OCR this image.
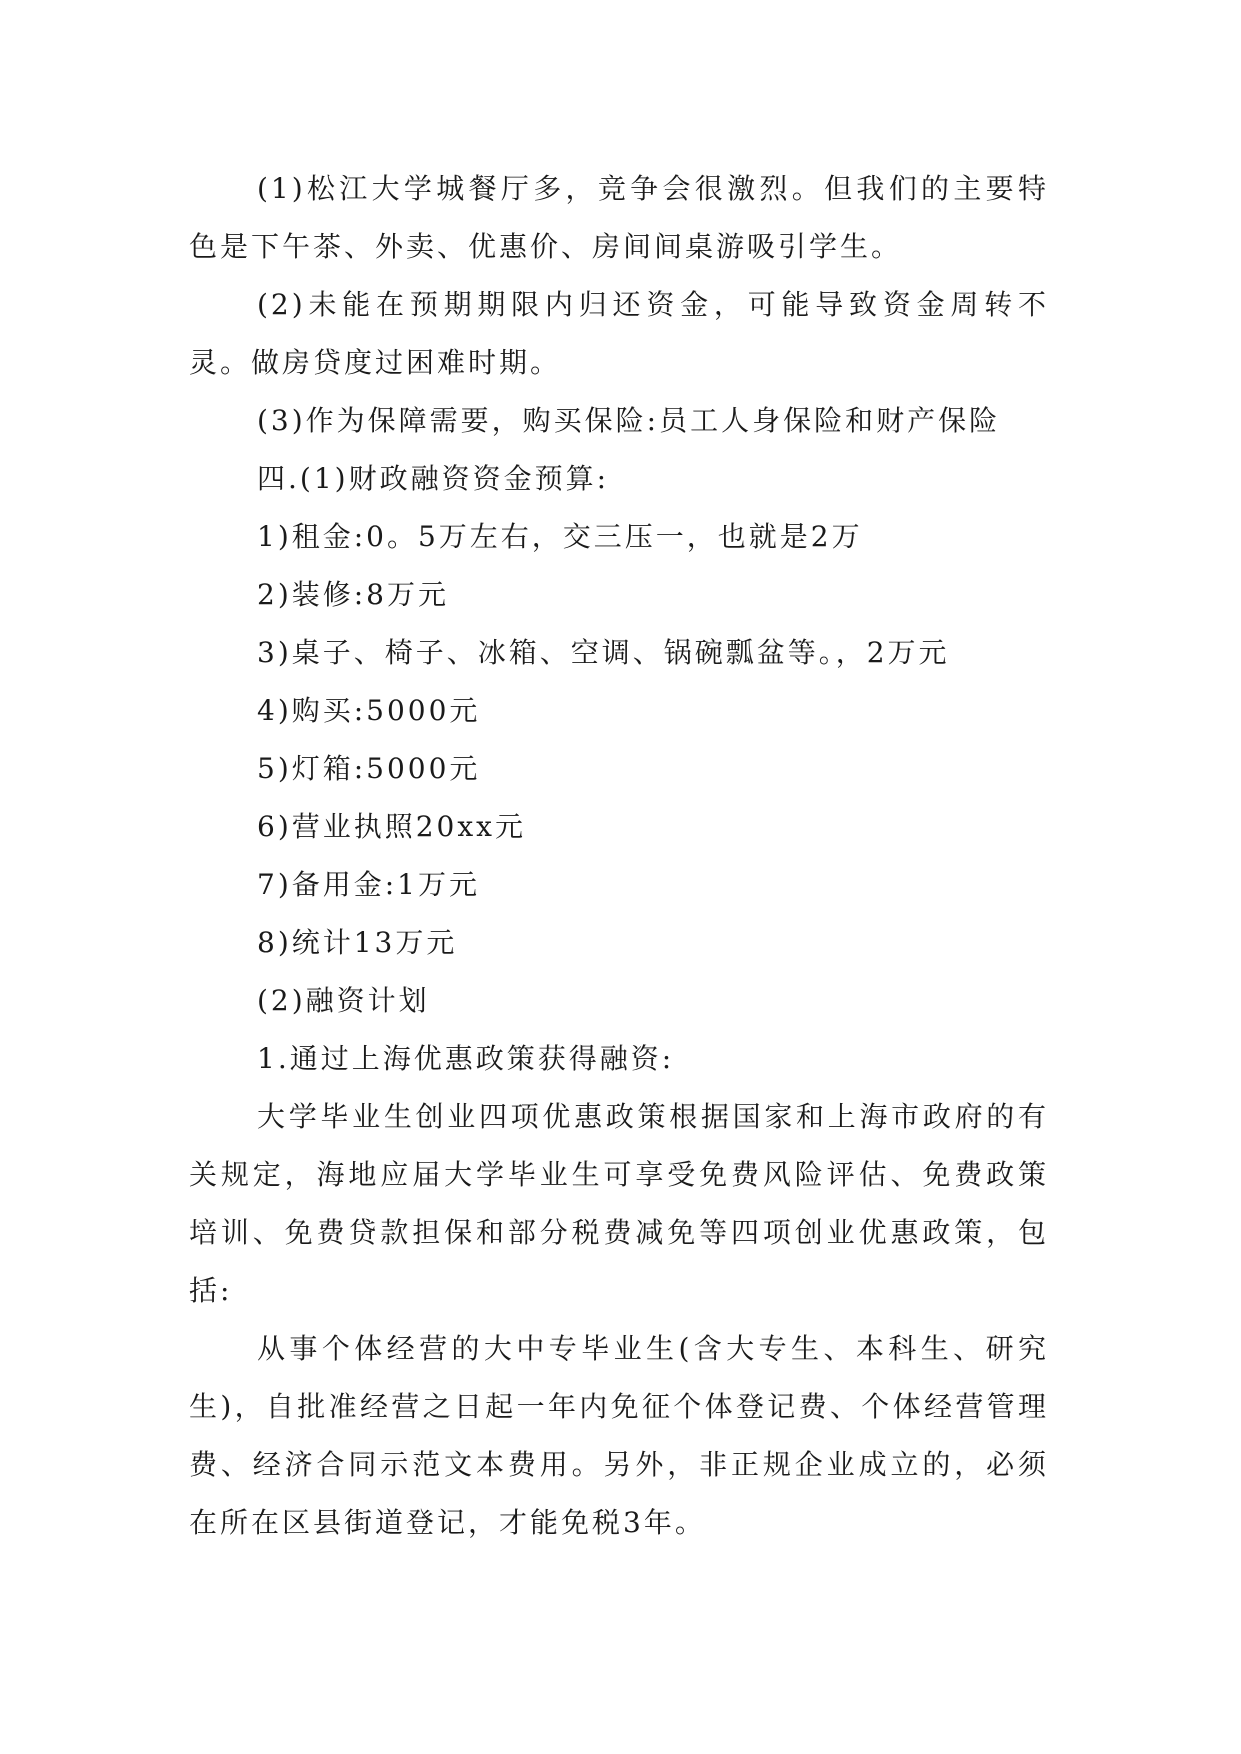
(1)松江大学城餐厅多，竞争会很激烈。但我们的主要特色是下午茶、外卖、优惠价、房间间桌游吸引学生。

(2)未能在预期期限内归还资金，可能导致资金周转不灵。做房贷度过困难时期。

(3)作为保障需要，购买保险:员工人身保险和财产保险

四.(1)财政融资资金预算:

1)租金:0。5万左右，交三压一，也就是2万

2)装修:8万元

3)桌子、椅子、冰箱、空调、锅碗瓢盆等。，2万元

4)购买:5000元

5)灯箱:5000元

6)营业执照20xx元

7)备用金:1万元

8)统计13万元

(2)融资计划

1.通过上海优惠政策获得融资:

大学毕业生创业四项优惠政策根据国家和上海市政府的有关规定，海地应届大学毕业生可享受免费风险评估、免费政策培训、免费贷款担保和部分税费减免等四项创业优惠政策，包括:

从事个体经营的大中专毕业生(含大专生、本科生、研究生)，自批准经营之日起一年内免征个体登记费、个体经营管理费、经济合同示范文本费用。另外，非正规企业成立的，必须在所在区县街道登记，才能免税3年。
